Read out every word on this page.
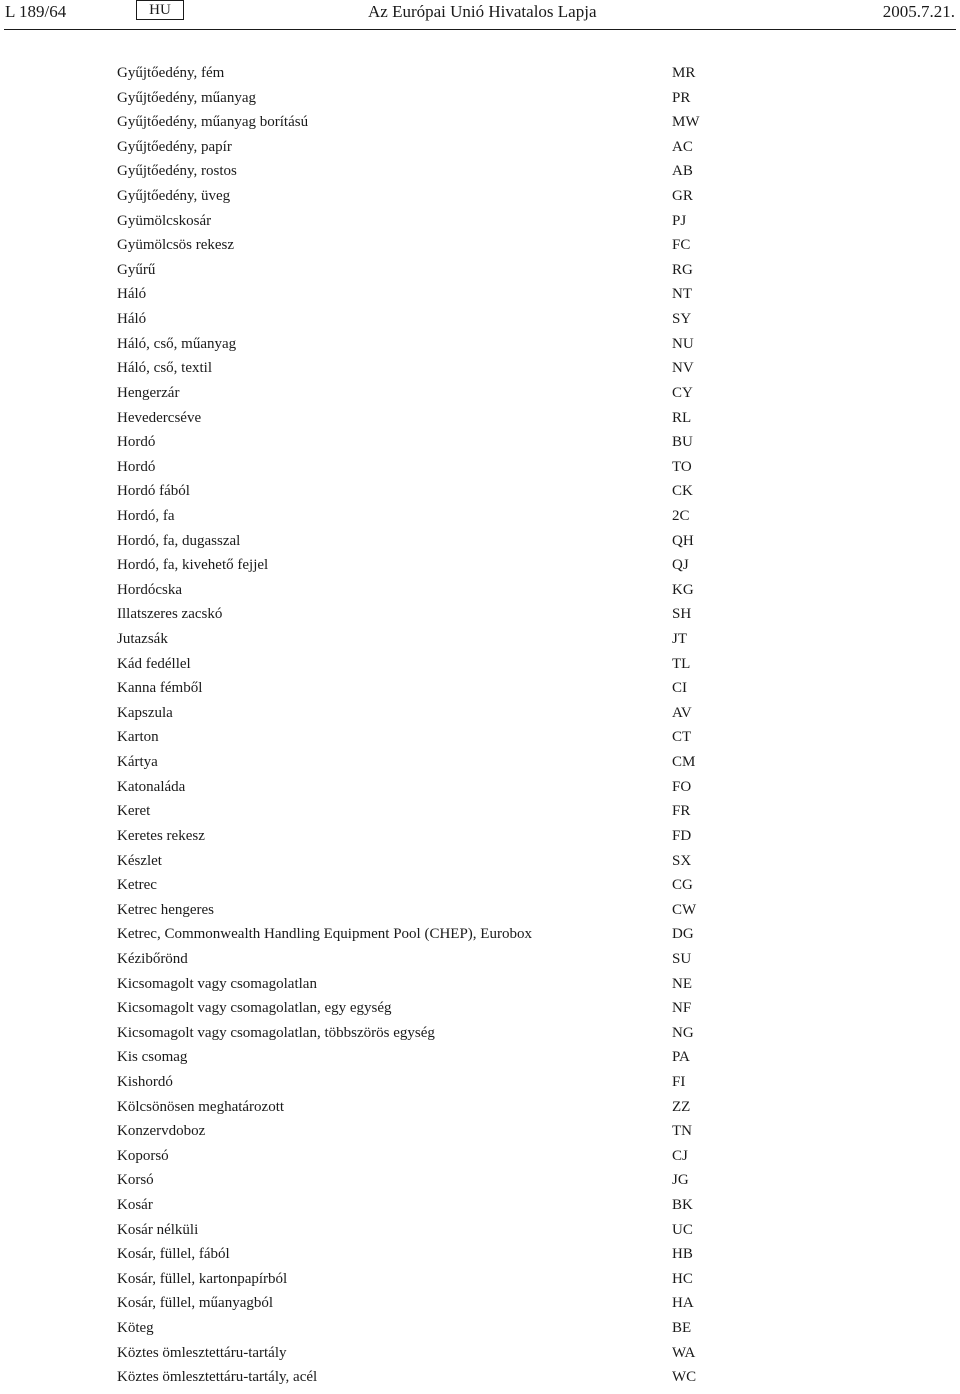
L 189/64	HU	Az Európai Unió Hivatalos Lapja	2005.7.21.
Gyűjtőedény, fém	MR
Gyűjtőedény, műanyag	PR
Gyűjtőedény, műanyag borítású	MW
Gyűjtőedény, papír	AC
Gyűjtőedény, rostos	AB
Gyűjtőedény, üveg	GR
Gyümölcskosár	PJ
Gyümölcsös rekesz	FC
Gyűrű	RG
Háló	NT
Háló	SY
Háló, cső, műanyag	NU
Háló, cső, textil	NV
Hengerzár	CY
Hevedercséve	RL
Hordó	BU
Hordó	TO
Hordó fából	CK
Hordó, fa	2C
Hordó, fa, dugasszal	QH
Hordó, fa, kivehető fejjel	QJ
Hordócska	KG
Illatszeres zacskó	SH
Jutazsák	JT
Kád fedéllel	TL
Kanna fémből	CI
Kapszula	AV
Karton	CT
Kártya	CM
Katonaláda	FO
Keret	FR
Keretes rekesz	FD
Készlet	SX
Ketrec	CG
Ketrec hengeres	CW
Ketrec, Commonwealth Handling Equipment Pool (CHEP), Eurobox	DG
Kézibőrönd	SU
Kicsomagolt vagy csomagolatlan	NE
Kicsomagolt vagy csomagolatlan, egy egység	NF
Kicsomagolt vagy csomagolatlan, többszörös egység	NG
Kis csomag	PA
Kishordó	FI
Kölcsönösen meghatározott	ZZ
Konzervdoboz	TN
Koporsó	CJ
Korsó	JG
Kosár	BK
Kosár nélküli	UC
Kosár, füllel, fából	HB
Kosár, füllel, kartonpapírból	HC
Kosár, füllel, műanyagból	HA
Köteg	BE
Köztes ömlesztettáru-tartály	WA
Köztes ömlesztettáru-tartály, acél	WC
